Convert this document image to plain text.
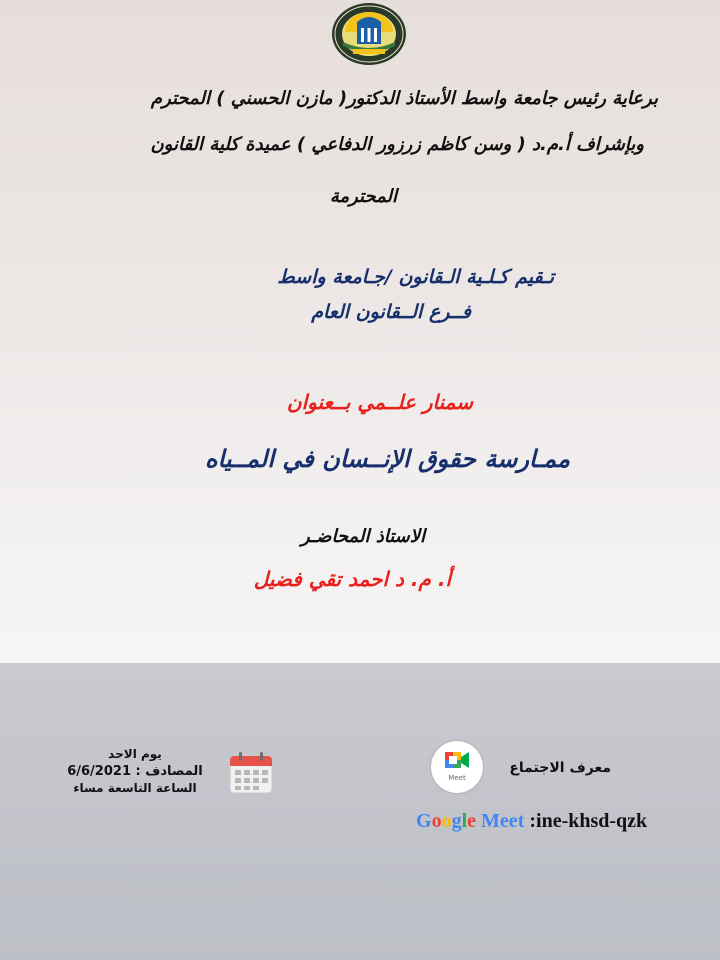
برعاية رئيس جامعة واسط الأستاذ الدكتور( مازن الحسني ) المحترم

وبإشراف أ.م.د ( وسن كاظم زرزور الدفاعي ) عميدة كلية القانون

المحترمة

تـقيم كـلـية الـقانون /جـامعة واسط

فــرع الــقانون العام

سمنار علــمي بــعنوان

ممـارسة حقوق الإنــسان في المــياه

الاستاذ المحاضـر

أ. م. د احمد تقي فضيل

يوم الاحد
المصادف : 6/6/2021
الساعة التاسعة مساء
Meet
معرف الاجتماع
Google Meet :ine-khsd-qzk
